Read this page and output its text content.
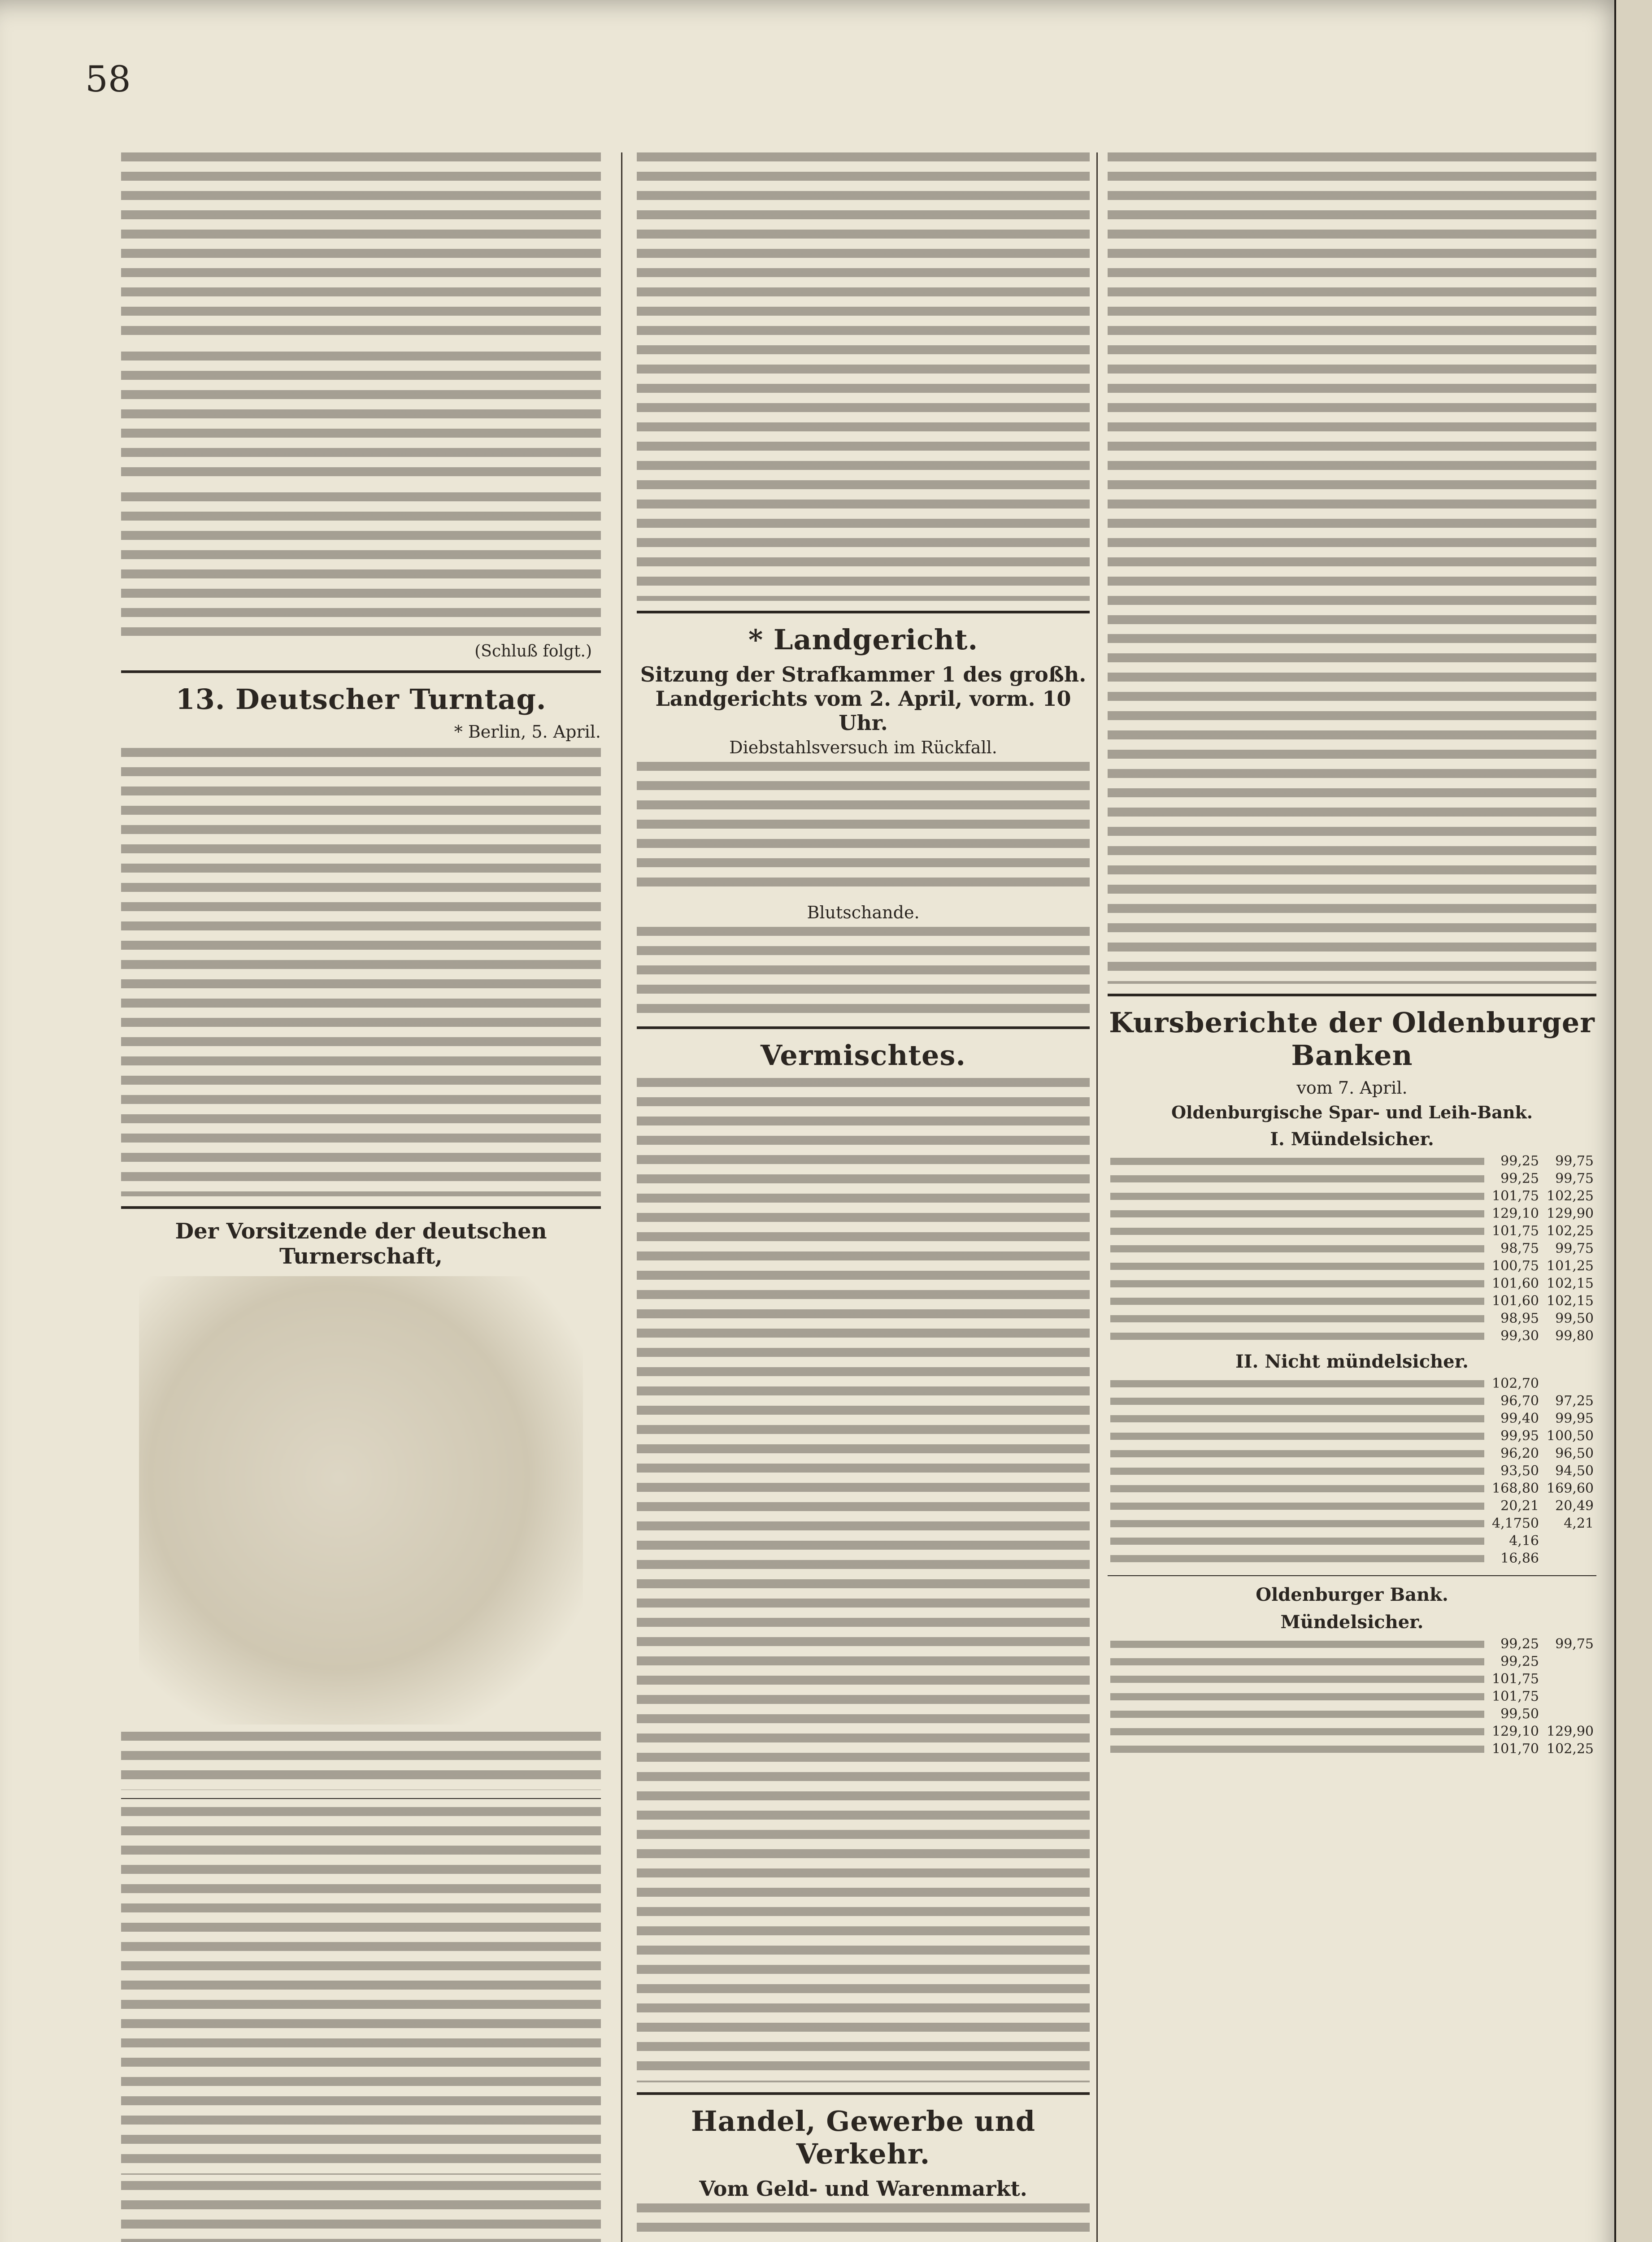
58
(Schluß folgt.)
13. Deutscher Turntag.
* Berlin, 5. April.
Der Vorsitzende der deutschen Turnerschaft,
* Landgericht.
Sitzung der Strafkammer 1 des großh. Landgerichts vom 2. April, vorm. 10 Uhr.
Diebstahlsversuch im Rückfall.
Blutschande.
Vermischtes.
Handel, Gewerbe und Verkehr.
Vom Geld- und Warenmarkt.
Kursberichte der Oldenburger Banken
vom 7. April.
Oldenburgische Spar- und Leih-Bank.
I. Mündelsicher.
	99,25	99,75

	99,25	99,75

	101,75	102,25

	129,10	129,90

	101,75	102,25

	98,75	99,75

	100,75	101,25

	101,60	102,15

	101,60	102,15

	98,95	99,50

	99,30	99,80
II. Nicht mündelsicher.
	102,70	

	96,70	97,25

	99,40	99,95

	99,95	100,50

	96,20	96,50

	93,50	94,50

	168,80	169,60

	20,21	20,49

	4,1750	4,21

	4,16	

	16,86	
Oldenburger Bank.
Mündelsicher.
	99,25	99,75

	99,25	

	101,75	

	101,75	

	99,50	

	129,10	129,90

	101,70	102,25
